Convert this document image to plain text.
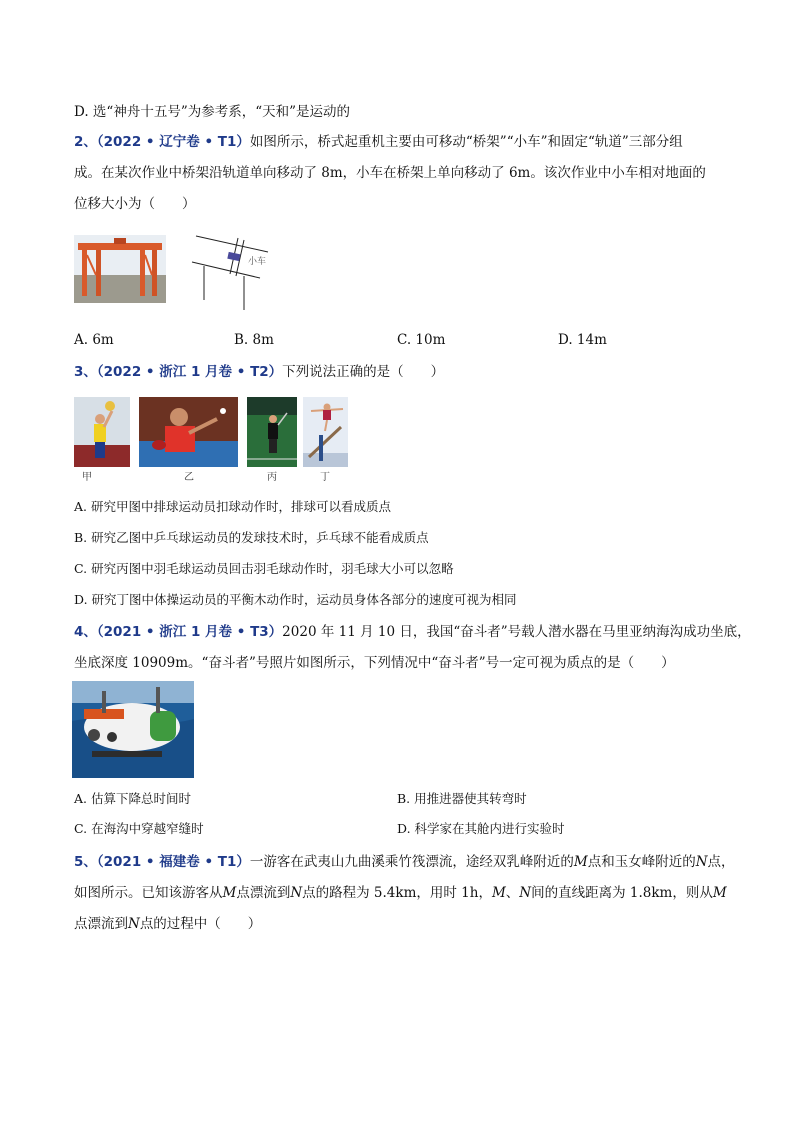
D. 选“神舟十五号”为参考系，“天和”是运动的
2、（2022 • 辽宁卷 • T1）如图所示，桥式起重机主要由可移动“桥架”“小车”和固定“轨道”三部分组
成。在某次作业中桥架沿轨道单向移动了 8m，小车在桥架上单向移动了 6m。该次作业中小车相对地面的
位移大小为（　　）
小车
A. 6m	B. 8m	C. 10m	D. 14m
3、（2022 • 浙江 1 月卷 • T2）下列说法正确的是（　　）
甲	乙	丙	丁
A. 研究甲图中排球运动员扣球动作时，排球可以看成质点
B. 研究乙图中乒乓球运动员的发球技术时，乒乓球不能看成质点
C. 研究丙图中羽毛球运动员回击羽毛球动作时，羽毛球大小可以忽略
D. 研究丁图中体操运动员的平衡木动作时，运动员身体各部分的速度可视为相同
4、（2021 • 浙江 1 月卷 • T3）2020 年 11 月 10 日，我国“奋斗者”号载人潜水器在马里亚纳海沟成功坐底，
坐底深度 10909m。“奋斗者”号照片如图所示，下列情况中“奋斗者”号一定可视为质点的是（　　）
A. 估算下降总时间时	B. 用推进器使其转弯时
C. 在海沟中穿越窄缝时	D. 科学家在其舱内进行实验时
5、（2021 • 福建卷 • T1）一游客在武夷山九曲溪乘竹筏漂流，途经双乳峰附近的M点和玉女峰附近的N点，
如图所示。已知该游客从M点漂流到N点的路程为 5.4km，用时 1h，M、N间的直线距离为 1.8km，则从M
点漂流到N点的过程中（　　）
